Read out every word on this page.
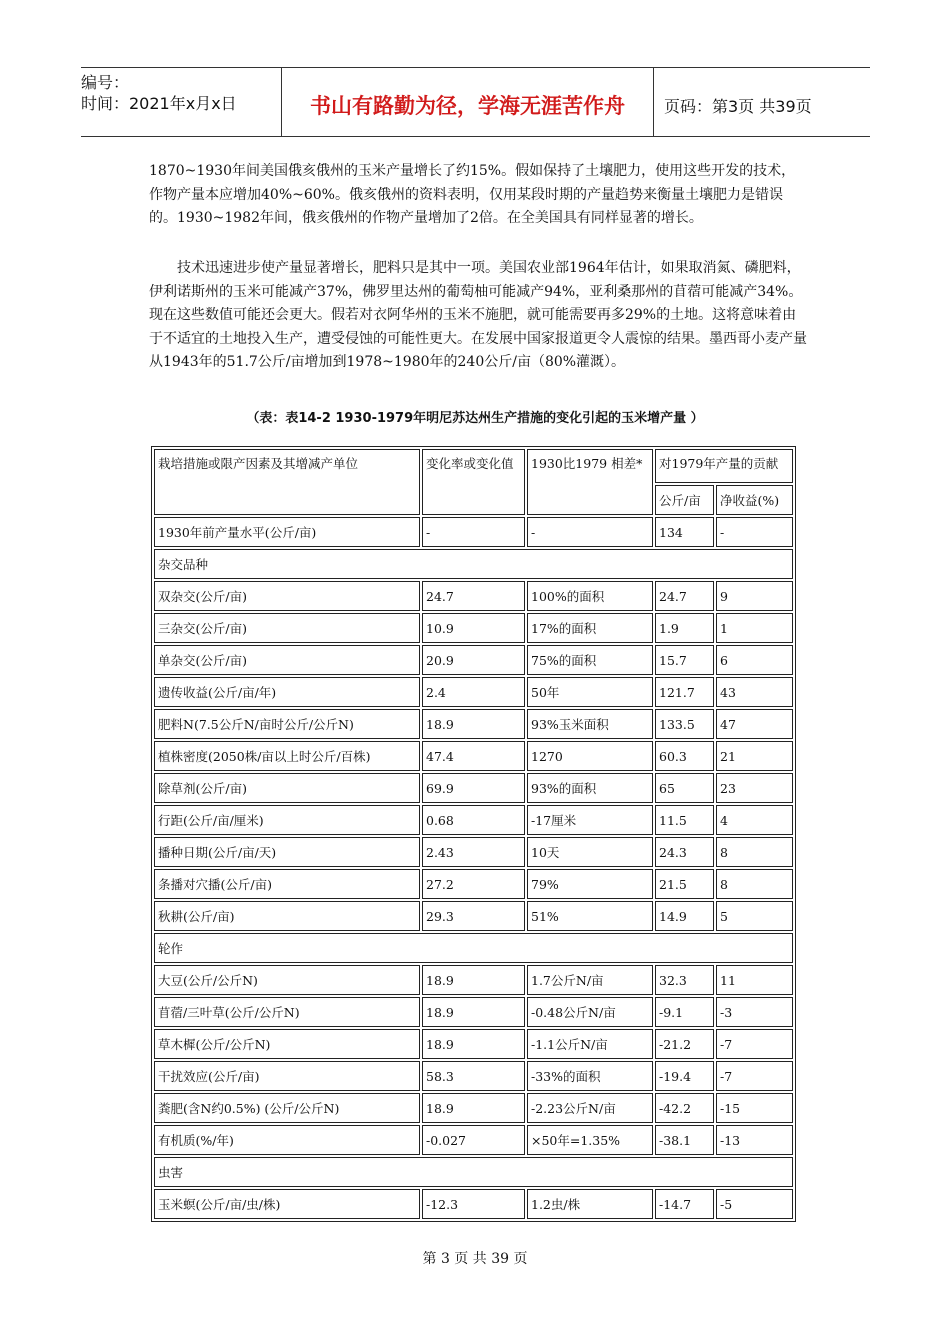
编号：
时间：2021年x月x日	书山有路勤为径，学海无涯苦作舟	页码：第3页 共39页

1870~1930年间美国俄亥俄州的玉米产量增长了约15%。假如保持了土壤肥力，使用这些开发的技术，作物产量本应增加40%~60%。俄亥俄州的资料表明，仅用某段时期的产量趋势来衡量土壤肥力是错误的。1930~1982年间，俄亥俄州的作物产量增加了2倍。在全美国具有同样显著的增长。

技术迅速进步使产量显著增长，肥料只是其中一项。美国农业部1964年估计，如果取消氮、磷肥料，伊利诺斯州的玉米可能减产37%，佛罗里达州的葡萄柚可能减产94%，亚利桑那州的苜蓿可能减产34%。现在这些数值可能还会更大。假若对衣阿华州的玉米不施肥，就可能需要再多29%的土地。这将意味着由于不适宜的土地投入生产，遭受侵蚀的可能性更大。在发展中国家报道更令人震惊的结果。墨西哥小麦产量从1943年的51.7公斤/亩增加到1978~1980年的240公斤/亩（80%灌溉）。

（表：表14-2 1930-1979年明尼苏达州生产措施的变化引起的玉米增产量 ）
栽培措施或限产因素及其增减产单位	变化率或变化值	1930比1979 相差*	对1979年产量的贡献	
			公斤/亩	净收益(%)
1930年前产量水平(公斤/亩)	-	-	134	-
杂交品种				
双杂交(公斤/亩)	24.7	100%的面积	24.7	9
三杂交(公斤/亩)	10.9	17%的面积	1.9	1
单杂交(公斤/亩)	20.9	75%的面积	15.7	6
遗传收益(公斤/亩/年)	2.4	50年	121.7	43
肥料N(7.5公斤N/亩时公斤/公斤N)	18.9	93%玉米面积	133.5	47
植株密度(2050株/亩以上时公斤/百株)	47.4	1270	60.3	21
除草剂(公斤/亩)	69.9	93%的面积	65	23
行距(公斤/亩/厘米)	0.68	-17厘米	11.5	4
播种日期(公斤/亩/天)	2.43	10天	24.3	8
条播对穴播(公斤/亩)	27.2	79%	21.5	8
秋耕(公斤/亩)	29.3	51%	14.9	5
轮作				
大豆(公斤/公斤N)	18.9	1.7公斤N/亩	32.3	11
苜蓿/三叶草(公斤/公斤N)	18.9	-0.48公斤N/亩	-9.1	-3
草木樨(公斤/公斤N)	18.9	-1.1公斤N/亩	-21.2	-7
干扰效应(公斤/亩)	58.3	-33%的面积	-19.4	-7
粪肥(含N约0.5%) (公斤/公斤N)	18.9	-2.23公斤N/亩	-42.2	-15
有机质(%/年)	-0.027	×50年=1.35%	-38.1	-13
虫害				
玉米螟(公斤/亩/虫/株)	-12.3	1.2虫/株	-14.7	-5
第 3 页 共 39 页
